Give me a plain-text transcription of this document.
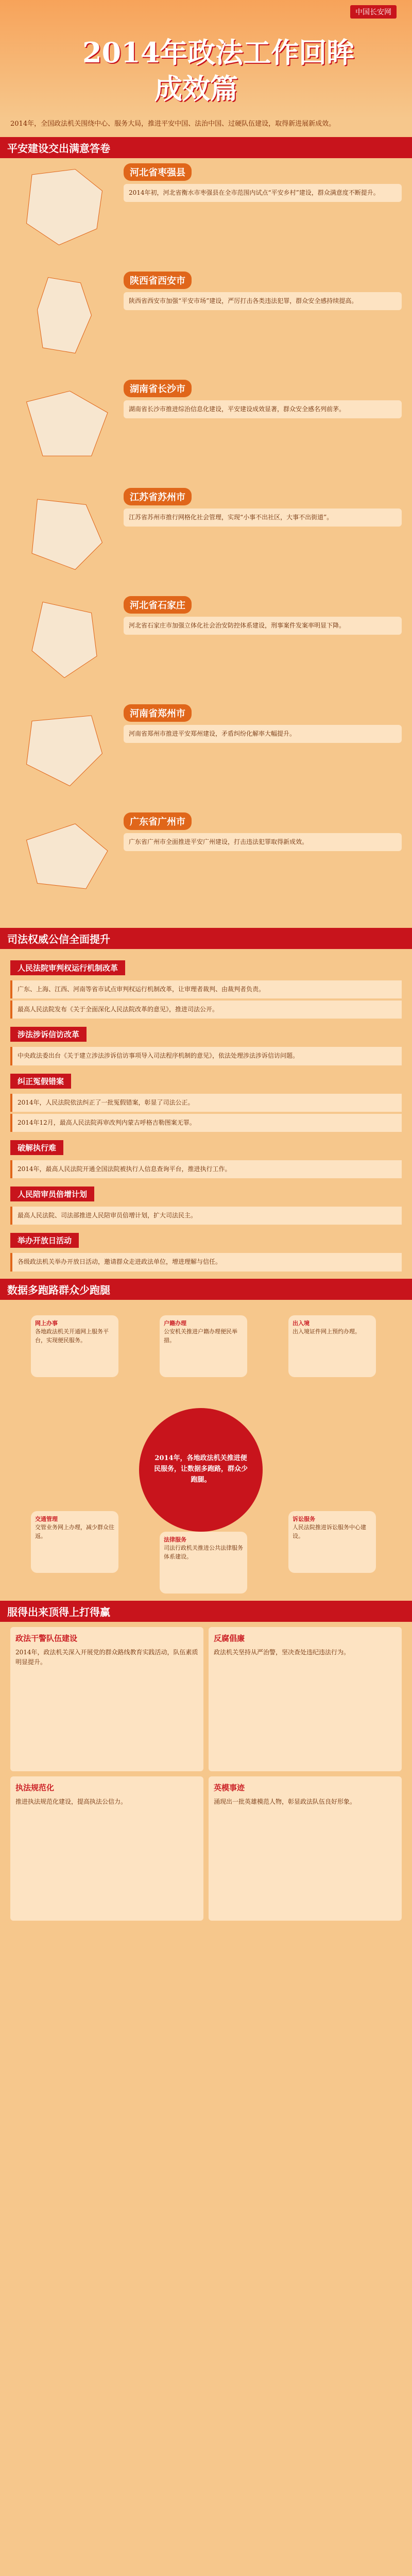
中国长安网
2014年政法工作回眸
成效篇

2014年，全国政法机关围绕中心、服务大局，推进平安中国、法治中国、过硬队伍建设，取得新进展新成效。

平安建设交出满意答卷
河北省枣强县
2014年初，河北省衡水市枣强县在全市范围内试点“平安乡村”建设，群众满意度不断提升。
陕西省西安市
陕西省西安市加强“平安市场”建设，严厉打击各类违法犯罪，群众安全感持续提高。
湖南省长沙市
湖南省长沙市推进综治信息化建设，平安建设成效显著，群众安全感名列前茅。
江苏省苏州市
江苏省苏州市推行网格化社会管理，实现“小事不出社区，大事不出街道”。
河北省石家庄
河北省石家庄市加强立体化社会治安防控体系建设，刑事案件发案率明显下降。
河南省郑州市
河南省郑州市推进平安郑州建设，矛盾纠纷化解率大幅提升。
广东省广州市
广东省广州市全面推进平安广州建设，打击违法犯罪取得新成效。
司法权威公信全面提升
人民法院审判权运行机制改革
广东、上海、江西、河南等省市试点审判权运行机制改革，让审理者裁判、由裁判者负责。
最高人民法院发布《关于全面深化人民法院改革的意见》，推进司法公开。
涉法涉诉信访改革
中央政法委出台《关于建立涉法涉诉信访事项导入司法程序机制的意见》，依法处理涉法涉诉信访问题。
纠正冤假错案
2014年，人民法院依法纠正了一批冤假错案，彰显了司法公正。
2014年12月，最高人民法院再审改判内蒙古呼格吉勒图案无罪。
破解执行难
2014年，最高人民法院开通全国法院被执行人信息查询平台，推进执行工作。
人民陪审员倍增计划
最高人民法院、司法部推进人民陪审员倍增计划，扩大司法民主。
举办开放日活动
各级政法机关举办开放日活动，邀请群众走进政法单位，增进理解与信任。
数据多跑路群众少跑腿
2014年，各地政法机关推进便民服务，让数据多跑路，群众少跑腿。
网上办事
各地政法机关开通网上服务平台，实现便民服务。
户籍办理
公安机关推进户籍办理便民举措。
出入境
出入境证件网上预约办理。
交通管理
交管业务网上办理，减少群众往返。
法律服务
司法行政机关推进公共法律服务体系建设。
诉讼服务
人民法院推进诉讼服务中心建设。
服得出来顶得上打得赢
政法干警队伍建设
2014年，政法机关深入开展党的群众路线教育实践活动，队伍素质明显提升。
反腐倡廉
政法机关坚持从严治警，坚决查处违纪违法行为。
执法规范化
推进执法规范化建设，提高执法公信力。
英模事迹
涌现出一批英雄模范人物，彰显政法队伍良好形象。
